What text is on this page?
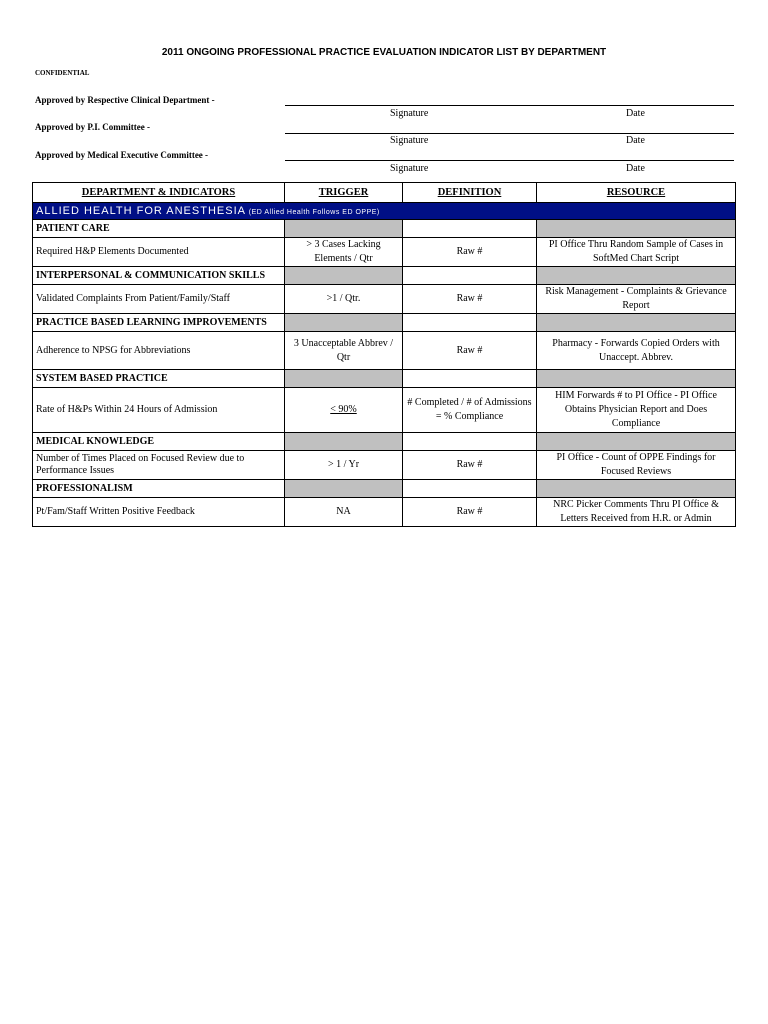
2011 ONGOING PROFESSIONAL PRACTICE EVALUATION INDICATOR LIST BY DEPARTMENT
CONFIDENTIAL
Approved by Respective Clinical Department -
Approved by P.I. Committee -
Approved by Medical Executive Committee -
Signature	Date
Signature	Date
Signature	Date
DEPARTMENT & INDICATORS	TRIGGER	DEFINITION	RESOURCE
ALLIED HEALTH FOR ANESTHESIA (ED Allied Health Follows ED OPPE)			
PATIENT CARE			
Required H&P Elements Documented	> 3 Cases Lacking Elements / Qtr	Raw #	PI Office Thru Random Sample of Cases in SoftMed Chart Script
INTERPERSONAL & COMMUNICATION SKILLS			
Validated Complaints From Patient/Family/Staff	>1 / Qtr.	Raw #	Risk Management - Complaints & Grievance Report
PRACTICE BASED LEARNING IMPROVEMENTS			
Adherence to NPSG for Abbreviations	3 Unacceptable Abbrev / Qtr	Raw #	Pharmacy - Forwards Copied Orders with Unaccept. Abbrev.
SYSTEM BASED PRACTICE			
Rate of H&Ps Within 24 Hours of Admission	< 90%	# Completed / # of Admissions = % Compliance	HIM Forwards # to PI Office - PI Office Obtains Physician Report and Does Compliance
MEDICAL KNOWLEDGE			
Number of Times Placed on Focused Review due to Performance Issues	> 1 / Yr	Raw #	PI Office - Count of OPPE Findings for Focused Reviews
PROFESSIONALISM			
Pt/Fam/Staff Written Positive Feedback	NA	Raw #	NRC Picker Comments Thru PI Office & Letters Received from H.R. or Admin
